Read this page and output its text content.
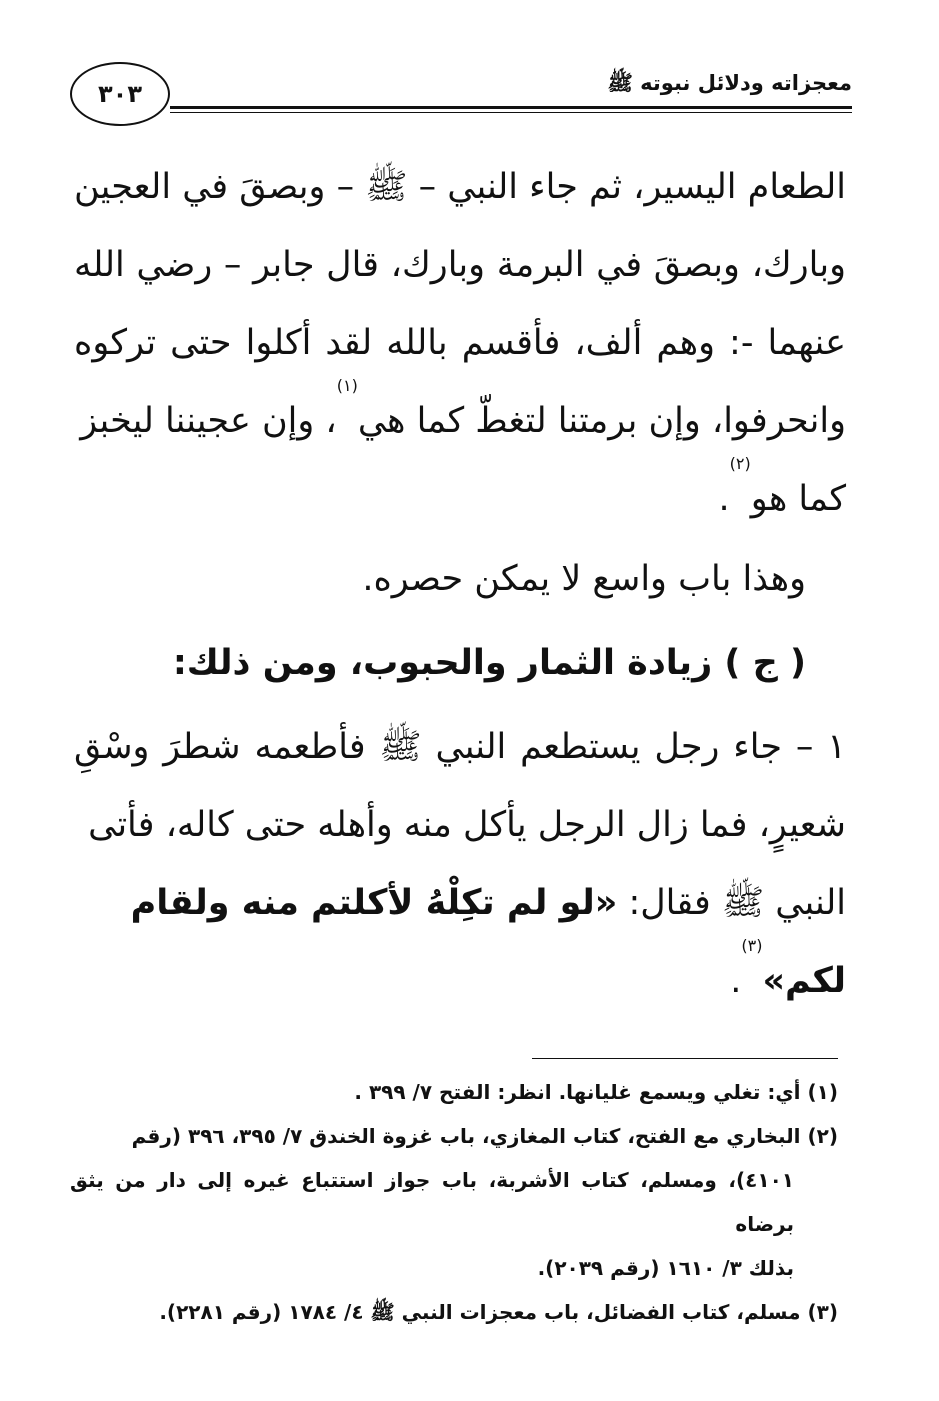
٣٠٣	معجزاته ودلائل نبوته ﷺ

الطعام اليسير، ثم جاء النبي – ﷺ – وبصقَ في العجين وبارك، وبصقَ في البرمة وبارك، قال جابر – رضي الله عنهما -: وهم ألف، فأقسم بالله لقد أكلوا حتى تركوه وانحرفوا، وإن برمتنا لتغطّ كما هي$^{(١)}$، وإن عجيننا ليخبز

كما هو$^{(٢)}$.

وهذا باب واسع لا يمكن حصره.

( ج ) زيادة الثمار والحبوب، ومن ذلك:

١ – جاء رجل يستطعم النبي ﷺ فأطعمه شطرَ وسْقِ شعيرٍ، فما زال الرجل يأكل منه وأهله حتى كاله، فأتى

النبي ﷺ فقال: «لو لم تكِلْهُ لأكلتم منه ولقام لكم»$^{(٣)}$.

(١) أي: تغلي ويسمع غليانها. انظر: الفتح ٧/ ٣٩٩ .

(٢) البخاري مع الفتح، كتاب المغازي، باب غزوة الخندق ٧/ ٣٩٥، ٣٩٦ (رقم

٤١٠١)، ومسلم، كتاب الأشربة، باب جواز استتباع غيره إلى دار من يثق برضاه

بذلك ٣/ ١٦١٠ (رقم ٢٠٣٩).

(٣) مسلم، كتاب الفضائل، باب معجزات النبي ﷺ ٤/ ١٧٨٤ (رقم ٢٢٨١).
